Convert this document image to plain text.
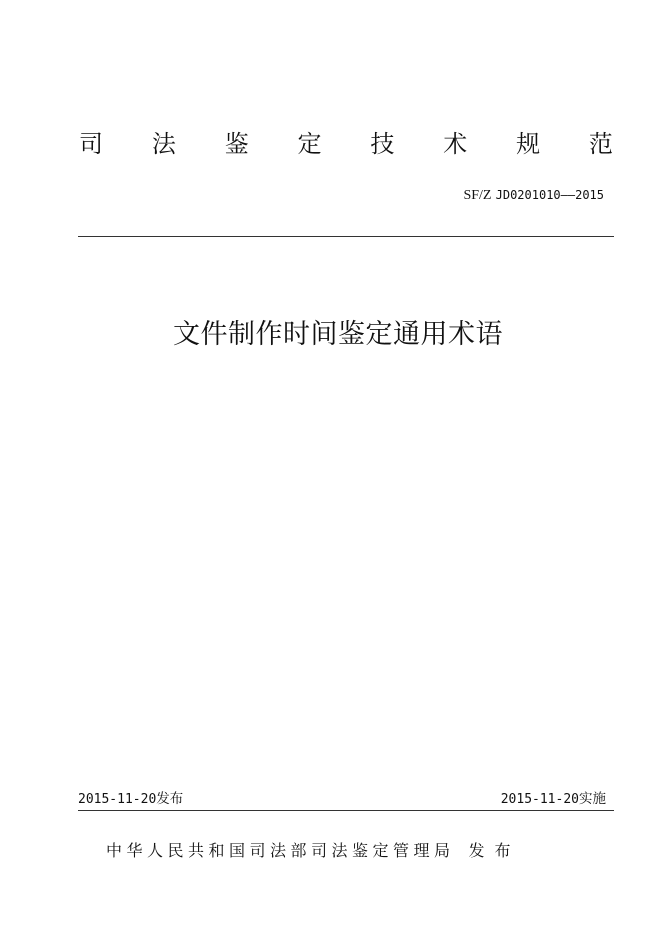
司 法 鉴 定 技 术 规 范
SF/Z JD0201010——2015
文件制作时间鉴定通用术语
2015-11-20发布	2015-11-20实施
中华人民共和国司法部司法鉴定管理局 发布
